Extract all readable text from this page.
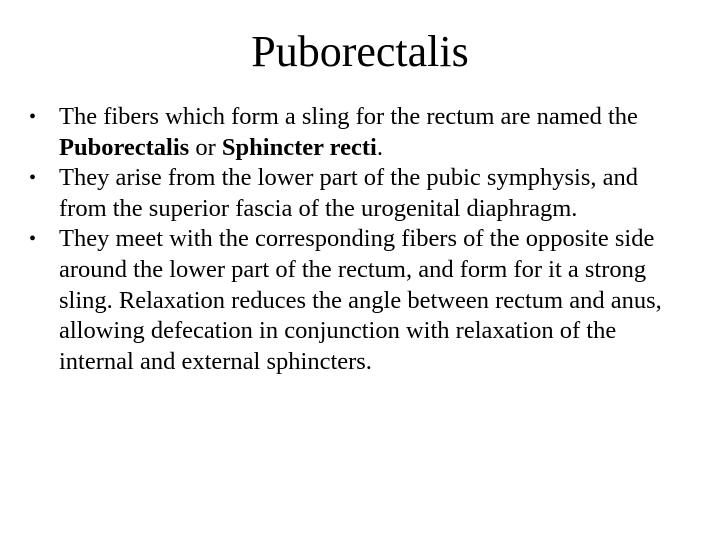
Puborectalis
• The fibers which form a sling for the rectum are named the Puborectalis or Sphincter recti.
• They arise from the lower part of the pubic symphysis, and from the superior fascia of the urogenital diaphragm.
• They meet with the corresponding fibers of the opposite side around the lower part of the rectum, and form for it a strong sling. Relaxation reduces the angle between rectum and anus, allowing defecation in conjunction with relaxation of the internal and external sphincters.
